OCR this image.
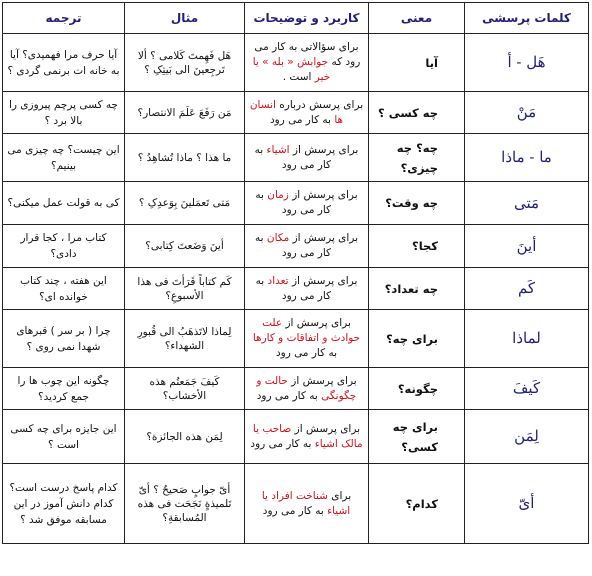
کلمات پرسشی	معنی	کاربرد و توضیحات	مثال	ترجمه
هَل - أ	آیا	برای سؤالاتی به کار می رود که جوابش « بله » یا خیر است .	هَل فَهِمتَ کَلامی ؟ ألا تَرجِعینَ الی بَیتِکِ ؟	آیا حرف مرا فهمیدی؟ آیا به خانه ات برنمی گردی ؟
مَنْ	چه کسی ؟	برای پرسش درباره انسان ها به کار می رود	مَن رَفَعَ عَلَمَ الانتصار؟	چه کسی پرچم پیروزی را بالا برد ؟
ما - ماذا	چه؟ چه چیزی؟	برای پرسش از اشیاء به کار می رود	ما هذا ؟ ماذا تُشاهِدُ ؟	این چیست؟ چه چیزی می بینیم؟
مَتی	چه وقت؟	برای پرسش از زمان به کار می رود	مَتی تَعمَلینَ بِوَعدِکِ ؟	کی به قولت عمل میکنی؟
أینَ	کجا؟	برای پرسش از مکان به کار می رود	أینَ وَضَعتَ کِتابی؟	کتاب مرا ، کجا قرار دادی؟
کَم	چه تعداد؟	برای پرسش از تعداد به کار می رود	کَم کتاباً قَرَأتَ فی هذا الأسبوعِ؟	این هفته ، چند کتاب خوانده ای؟
لماذا	برای چه؟	برای پرسش از علت حوادث و اتفاقات و کارها به کار می رود	لِماذا لاتَذهَبُ الی قُبورِ الشهداء؟	چرا ( بر سر ) قبرهای شهدا نمی روی ؟
کَیفَ	چگونه؟	برای پرسش از حالت و چگونگی به کار می رود	کَیفَ جَمَعتُم هذه الأخشاب؟	چگونه این چوب ها را جمع کردید؟
لِمَن	برای چه کسی؟	برای پرسش از صاحب یا مالک اشیاء به کار می رود	لِمَن هذه الجائزة؟	این جایزه برای چه کسی است ؟
أیّ	کدام؟	برای شناخت افراد یا اشیاء به کار می رود	أیّ جوابٍ صَحیحٌ ؟ أیّ تَلمیذةٍ نَجَحَت فی هذه المُسابقةِ؟	کدام پاسخ درست است؟ کدام دانش آموز در این مسابقه موفق شد ؟
